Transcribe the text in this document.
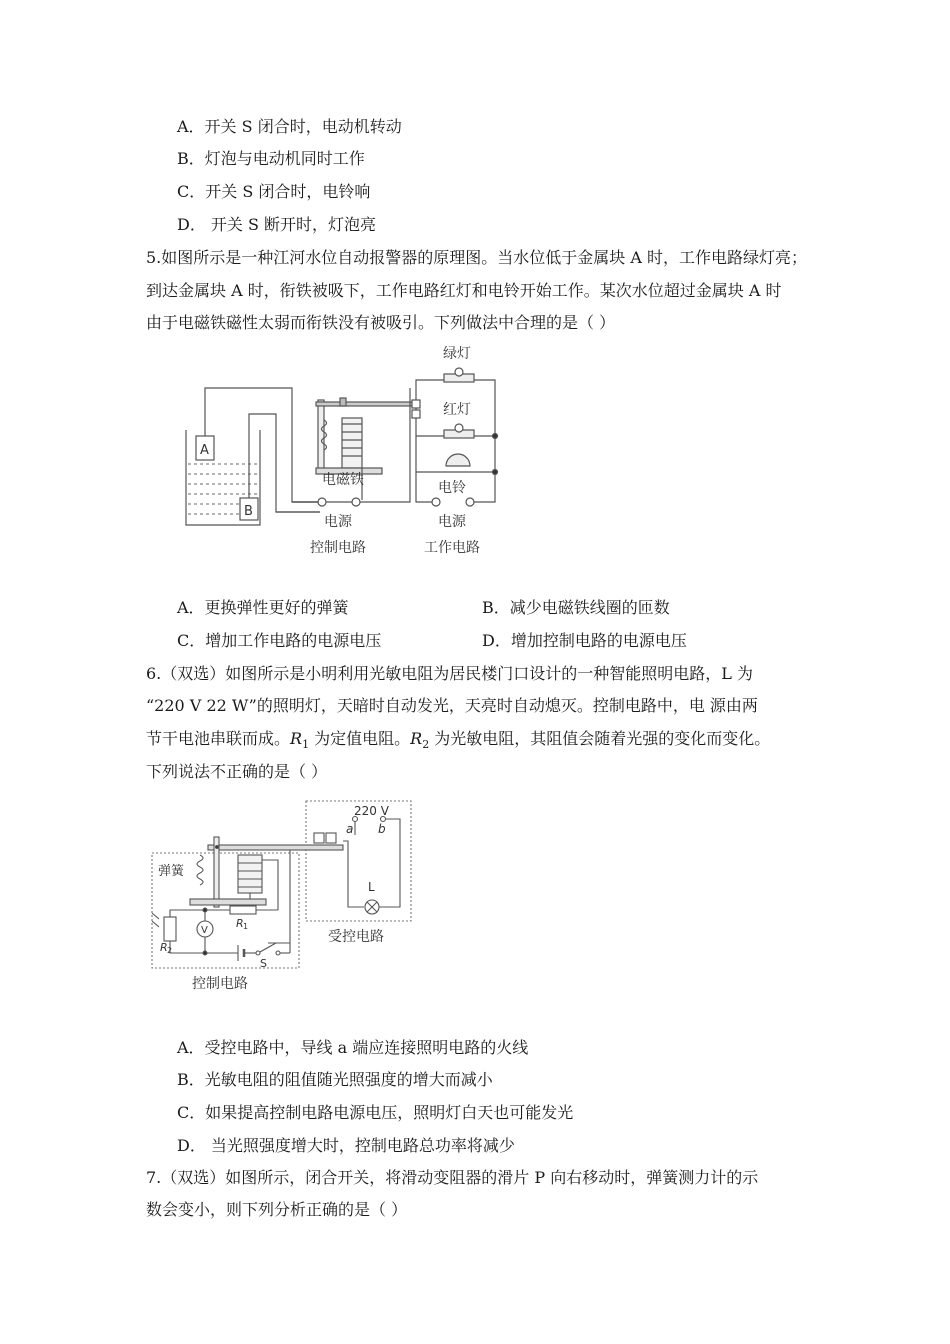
A．开关 S 闭合时，电动机转动
B．灯泡与电动机同时工作
C．开关 S 闭合时，电铃响
D． 开关 S 断开时，灯泡亮
5.如图所示是一种江河水位自动报警器的原理图。当水位低于金属块 A 时，工作电路绿灯亮；
到达金属块 A 时，衔铁被吸下，工作电路红灯和电铃开始工作。某次水位超过金属块 A 时
由于电磁铁磁性太弱而衔铁没有被吸引。下列做法中合理的是（ ）
绿灯
红灯
电磁铁	电铃
电源	电源
控制电路	工作电路
A
B
A．更换弹性更好的弹簧	B．减少电磁铁线圈的匝数
C．增加工作电路的电源电压	D．增加控制电路的电源电压
6.（双选）如图所示是小明利用光敏电阻为居民楼门口设计的一种智能照明电路，L 为
“220 V 22 W”的照明灯，天暗时自动发光，天亮时自动熄灭。控制电路中，电 源由两
节干电池串联而成。$R_1$ 为定值电阻。$R_2$ 为光敏电阻，其阻值会随着光强的变化而变化。
下列说法不正确的是（ ）
220 V
a b
L
V
R 1
R 2
S
弹簧
受控电路
控制电路
A．受控电路中，导线 a 端应连接照明电路的火线
B．光敏电阻的阻值随光照强度的增大而减小
C．如果提高控制电路电源电压，照明灯白天也可能发光
D． 当光照强度增大时，控制电路总功率将减少
7.（双选）如图所示，闭合开关，将滑动变阻器的滑片 P 向右移动时，弹簧测力计的示
数会变小，则下列分析正确的是（ ）
